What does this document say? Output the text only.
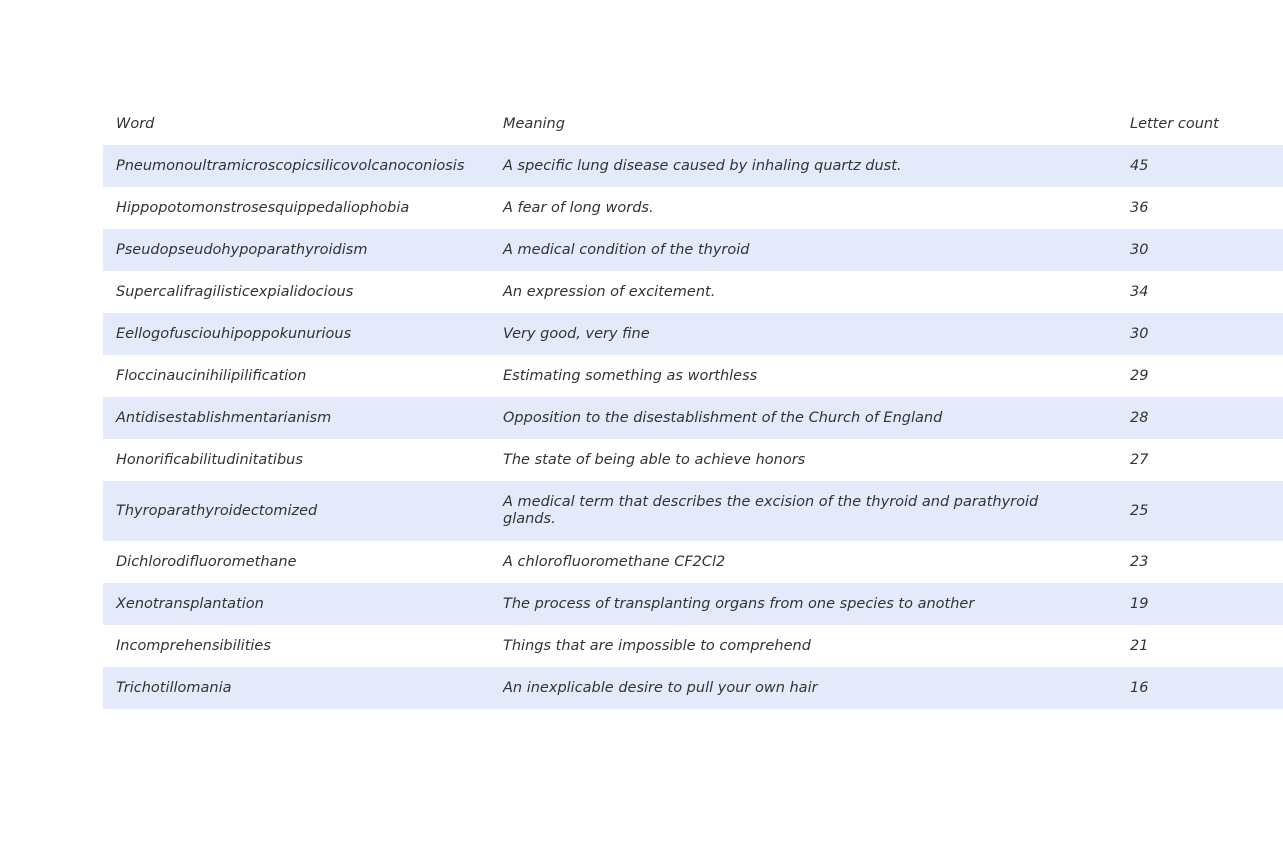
Word	Meaning	Letter count
Pneumonoultramicroscopicsilicovolcanoconiosis	A specific lung disease caused by inhaling quartz dust.	45
Hippopotomonstrosesquippedaliophobia	A fear of long words.	36
Pseudopseudohypoparathyroidism	A medical condition of the thyroid	30
Supercalifragilisticexpialidocious	An expression of excitement.	34
Eellogofusciouhipoppokunurious	Very good, very fine	30
Floccinaucinihilipilification	Estimating something as worthless	29
Antidisestablishmentarianism	Opposition to the disestablishment of the Church of England	28
Honorificabilitudinitatibus	The state of being able to achieve honors	27
Thyroparathyroidectomized	A medical term that describes the excision of the thyroid and parathyroid glands.	25
Dichlorodifluoromethane	A chlorofluoromethane CF2Cl2	23
Xenotransplantation	The process of transplanting organs from one species to another	19
Incomprehensibilities	Things that are impossible to comprehend	21
Trichotillomania	An inexplicable desire to pull your own hair	16
